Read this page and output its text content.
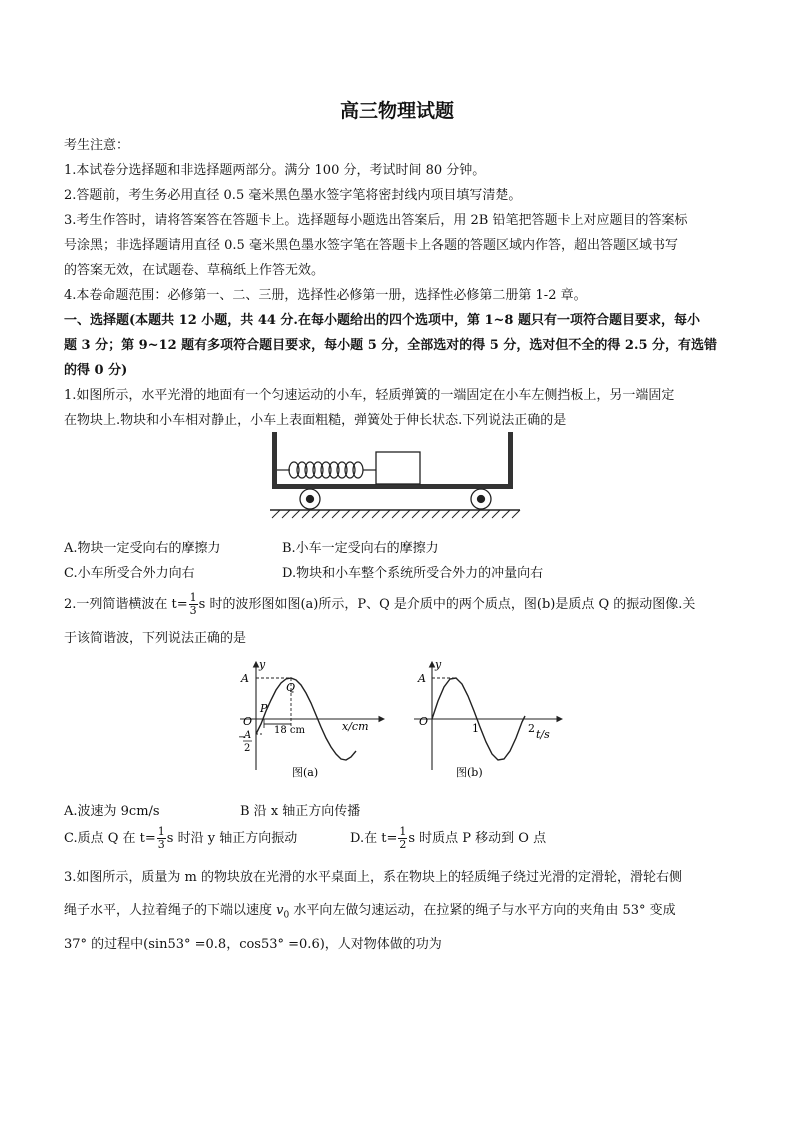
高三物理试题
考生注意：
1.本试卷分选择题和非选择题两部分。满分 100 分，考试时间 80 分钟。
2.答题前，考生务必用直径 0.5 毫米黑色墨水签字笔将密封线内项目填写清楚。
3.考生作答时，请将答案答在答题卡上。选择题每小题选出答案后，用 2B 铅笔把答题卡上对应题目的答案标
号涂黑；非选择题请用直径 0.5 毫米黑色墨水签字笔在答题卡上各题的答题区域内作答，超出答题区域书写
的答案无效，在试题卷、草稿纸上作答无效。
4.本卷命题范围：必修第一、二、三册，选择性必修第一册，选择性必修第二册第 1-2 章。
一、选择题(本题共 12 小题，共 44 分.在每小题给出的四个选项中，第 1~8 题只有一项符合题目要求，每小
题 3 分；第 9~12 题有多项符合题目要求，每小题 5 分，全部选对的得 5 分，选对但不全的得 2.5 分，有选错
的得 0 分)
1.如图所示，水平光滑的地面有一个匀速运动的小车，轻质弹簧的一端固定在小车左侧挡板上，另一端固定
在物块上.物块和小车相对静止，小车上表面粗糙，弹簧处于伸长状态.下列说法正确的是
A.物块一定受向右的摩擦力	B.小车一定受向右的摩擦力
C.小车所受合外力向右	D.物块和小车整个系统所受合外力的冲量向右
2.一列简谐横波在 $t= \frac{1}{3}$ s 时的波形图如图(a)所示，P、Q 是介质中的两个质点，图(b)是质点 Q 的振动图像.关
于该简谐波，下列说法正确的是
y
A
O
P
Q
18 cm	x/cm
−
A
2
图(a)
y
A
O
1	2 t/s
图(b)
A.波速为 9cm/s	B 沿 x 轴正方向传播
C.质点 Q 在 $t= \frac{1}{3}$ s 时沿 y 轴正方向振动	D.在 $t= \frac{1}{2}$ s 时质点 P 移动到 O 点
3.如图所示，质量为 m 的物块放在光滑的水平桌面上，系在物块上的轻质绳子绕过光滑的定滑轮，滑轮右侧
绳子水平，人拉着绳子的下端以速度 $v_0$ 水平向左做匀速运动，在拉紧的绳子与水平方向的夹角由 53° 变成
37° 的过程中(sin53° =0.8，cos53° =0.6)，人对物体做的功为
